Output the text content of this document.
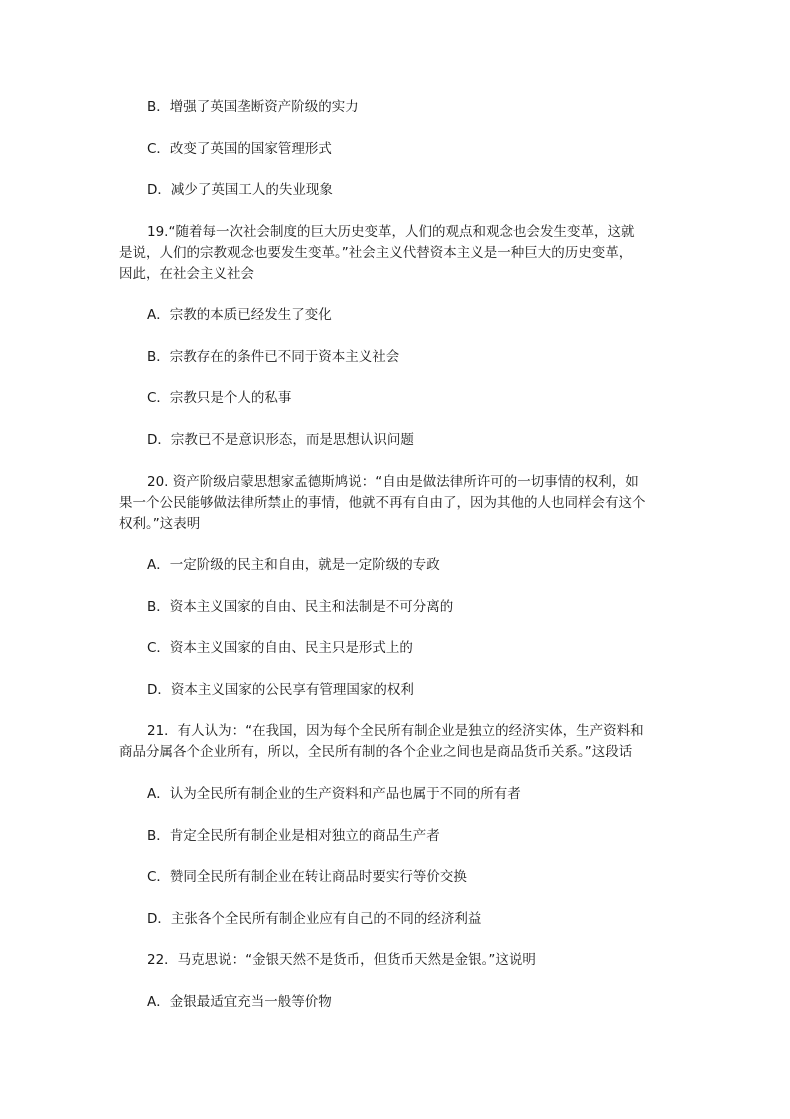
B．增强了英国垄断资产阶级的实力
C．改变了英国的国家管理形式
D．减少了英国工人的失业现象
19.“随着每一次社会制度的巨大历史变革，人们的观点和观念也会发生变革，这就
是说，人们的宗教观念也要发生变革。”社会主义代替资本主义是一种巨大的历史变革，
因此，在社会主义社会
A．宗教的本质已经发生了变化
B．宗教存在的条件已不同于资本主义社会
C．宗教只是个人的私事
D．宗教已不是意识形态，而是思想认识问题
20. 资产阶级启蒙思想家孟德斯鸠说：“自由是做法律所许可的一切事情的权利，如
果一个公民能够做法律所禁止的事情，他就不再有自由了，因为其他的人也同样会有这个
权利。”这表明
A．一定阶级的民主和自由，就是一定阶级的专政
B．资本主义国家的自由、民主和法制是不可分离的
C．资本主义国家的自由、民主只是形式上的
D．资本主义国家的公民享有管理国家的权利
21．有人认为：“在我国，因为每个全民所有制企业是独立的经济实体，生产资料和
商品分属各个企业所有，所以，全民所有制的各个企业之间也是商品货币关系。”这段话
A．认为全民所有制企业的生产资料和产品也属于不同的所有者
B．肯定全民所有制企业是相对独立的商品生产者
C．赞同全民所有制企业在转让商品时要实行等价交换
D．主张各个全民所有制企业应有自己的不同的经济利益
22．马克思说：“金银天然不是货币，但货币天然是金银。”这说明
A．金银最适宜充当一般等价物
